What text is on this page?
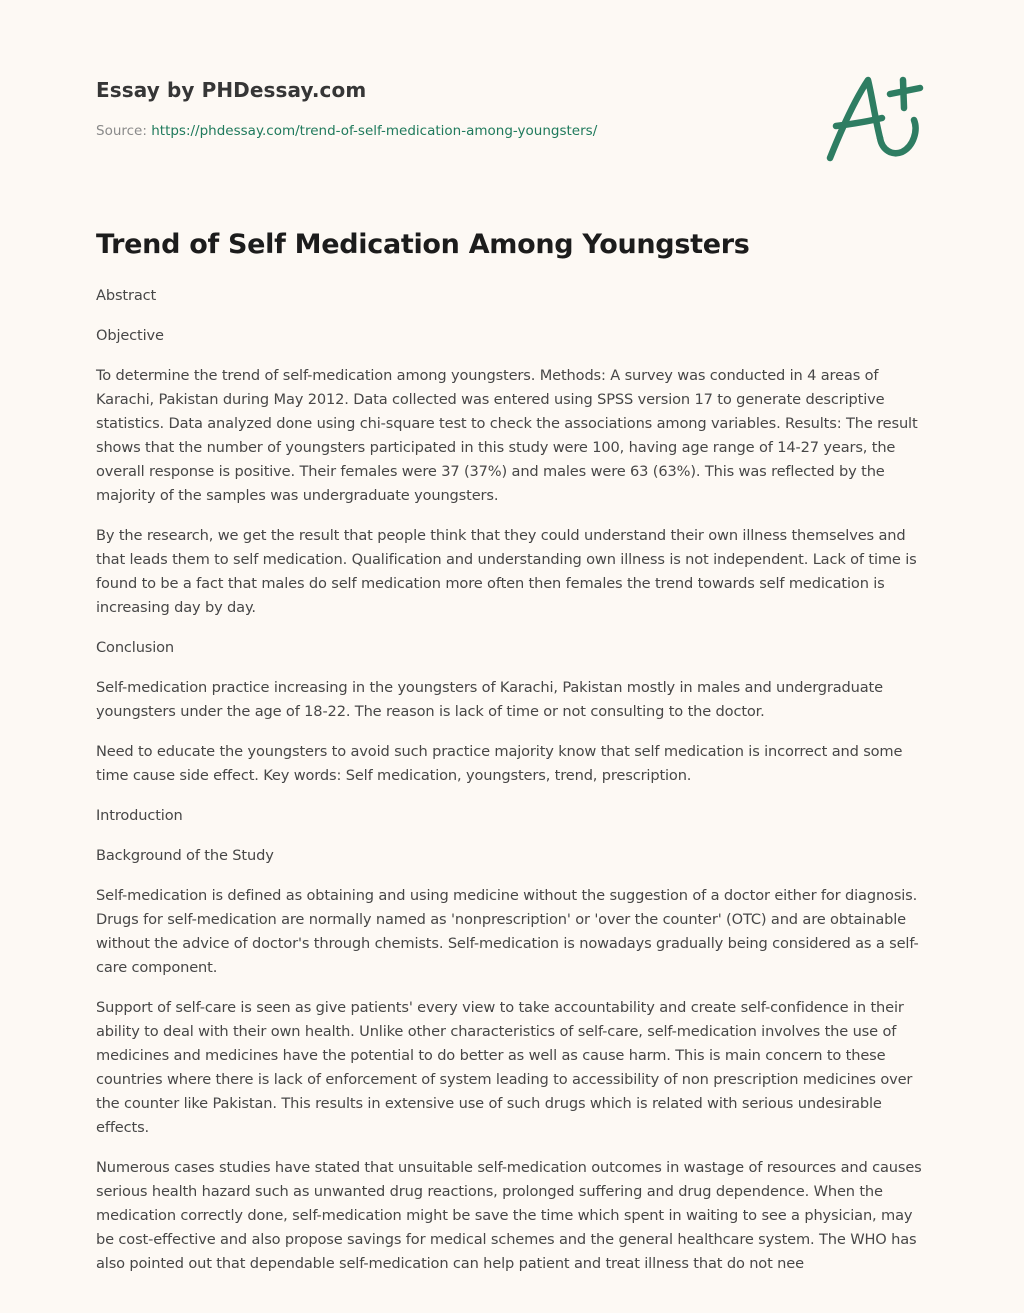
Essay by PHDessay.com
Source: https://phdessay.com/trend-of-self-medication-among-youngsters/
Trend of Self Medication Among Youngsters

Abstract

Objective

To determine the trend of self-medication among youngsters. Methods: A survey was conducted in 4 areas of Karachi, Pakistan during May 2012. Data collected was entered using SPSS version 17 to generate descriptive statistics. Data analyzed done using chi-square test to check the associations among variables. Results: The result shows that the number of youngsters participated in this study were 100, having age range of 14-27 years, the overall response is positive. Their females were 37 (37%) and males were 63 (63%). This was reflected by the majority of the samples was undergraduate youngsters.

By the research, we get the result that people think that they could understand their own illness themselves and that leads them to self medication. Qualification and understanding own illness is not independent. Lack of time is found to be a fact that males do self medication more often then females the trend towards self medication is increasing day by day.

Conclusion

Self-medication practice increasing in the youngsters of Karachi, Pakistan mostly in males and undergraduate youngsters under the age of 18-22. The reason is lack of time or not consulting to the doctor.

Need to educate the youngsters to avoid such practice majority know that self medication is incorrect and some time cause side effect. Key words: Self medication, youngsters, trend, prescription.

Introduction

Background of the Study

Self-medication is defined as obtaining and using medicine without the suggestion of a doctor either for diagnosis. Drugs for self-medication are normally named as 'nonprescription' or 'over the counter' (OTC) and are obtainable without the advice of doctor's through chemists. Self-medication is nowadays gradually being considered as a self-care component.

Support of self-care is seen as give patients' every view to take accountability and create self-confidence in their ability to deal with their own health. Unlike other characteristics of self-care, self-medication involves the use of medicines and medicines have the potential to do better as well as cause harm. This is main concern to these countries where there is lack of enforcement of system leading to accessibility of non prescription medicines over the counter like Pakistan. This results in extensive use of such drugs which is related with serious undesirable effects.

Numerous cases studies have stated that unsuitable self-medication outcomes in wastage of resources and causes serious health hazard such as unwanted drug reactions, prolonged suffering and drug dependence. When the medication correctly done, self-medication might be save the time which spent in waiting to see a physician, may be cost-effective and also propose savings for medical schemes and the general healthcare system. The WHO has also pointed out that dependable self-medication can help patient and treat illness that do not nee
